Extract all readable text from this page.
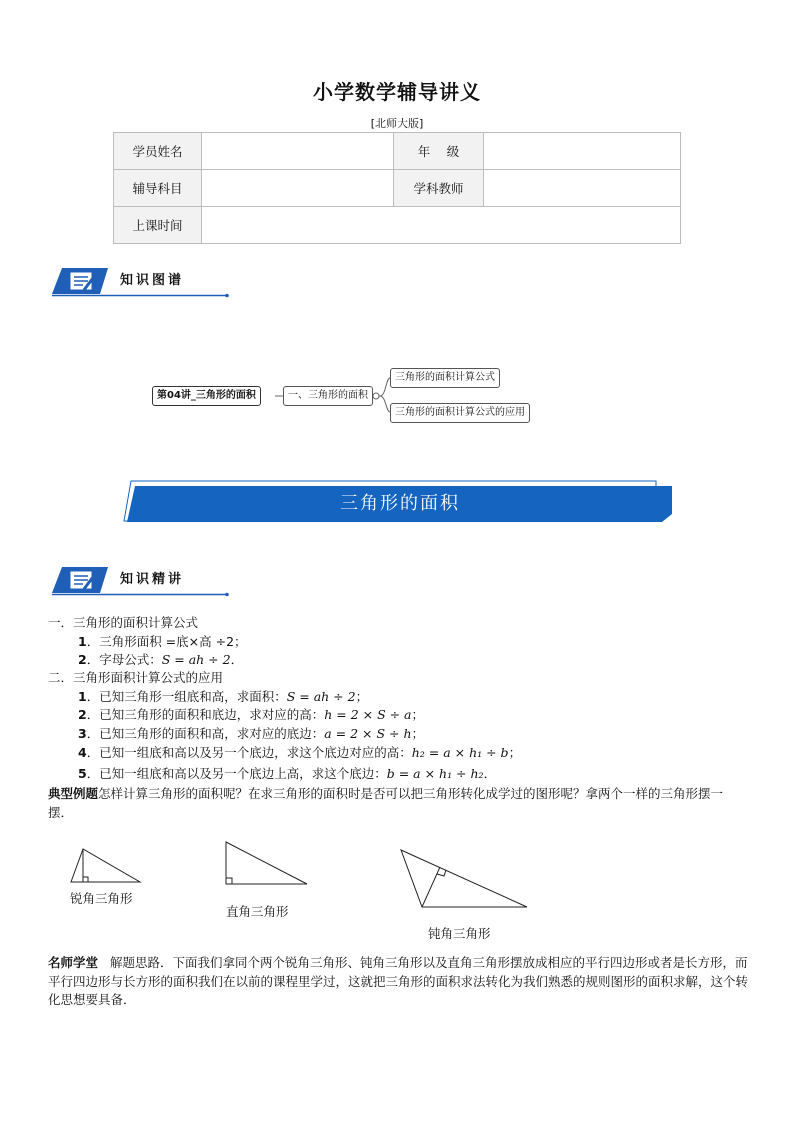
小学数学辅导讲义
[北师大版]
学员姓名		年　 级	
辅导科目		学科教师	
上课时间			
知识图谱
第04讲_三角形的面积	一、三角形的面积
三角形的面积计算公式
三角形的面积计算公式的应用
三角形的面积
知识精讲
一．三角形的面积计算公式
1．三角形面积 =底×高 ÷2；
2．字母公式：S = ah ÷ 2．
二．三角形面积计算公式的应用
1．已知三角形一组底和高，求面积：S = ah ÷ 2；
2．已知三角形的面积和底边，求对应的高：h = 2 × S ÷ a；
3．已知三角形的面积和高，求对应的底边：a = 2 × S ÷ h；
4．已知一组底和高以及另一个底边，求这个底边对应的高：h₂ = a × h₁ ÷ b；
5．已知一组底和高以及另一个底边上高，求这个底边：b = a × h₁ ÷ h₂．
典型例题怎样计算三角形的面积呢？在求三角形的面积时是否可以把三角形转化成学过的图形呢？拿两个一样的三角形摆一摆．
锐角三角形
直角三角形
钝角三角形
名师学堂 解题思路．下面我们拿同个两个锐角三角形、钝角三角形以及直角三角形摆放成相应的平行四边形或者是长方形，而平行四边形与长方形的面积我们在以前的课程里学过，这就把三角形的面积求法转化为我们熟悉的规则图形的面积求解，这个转化思想要具备．
